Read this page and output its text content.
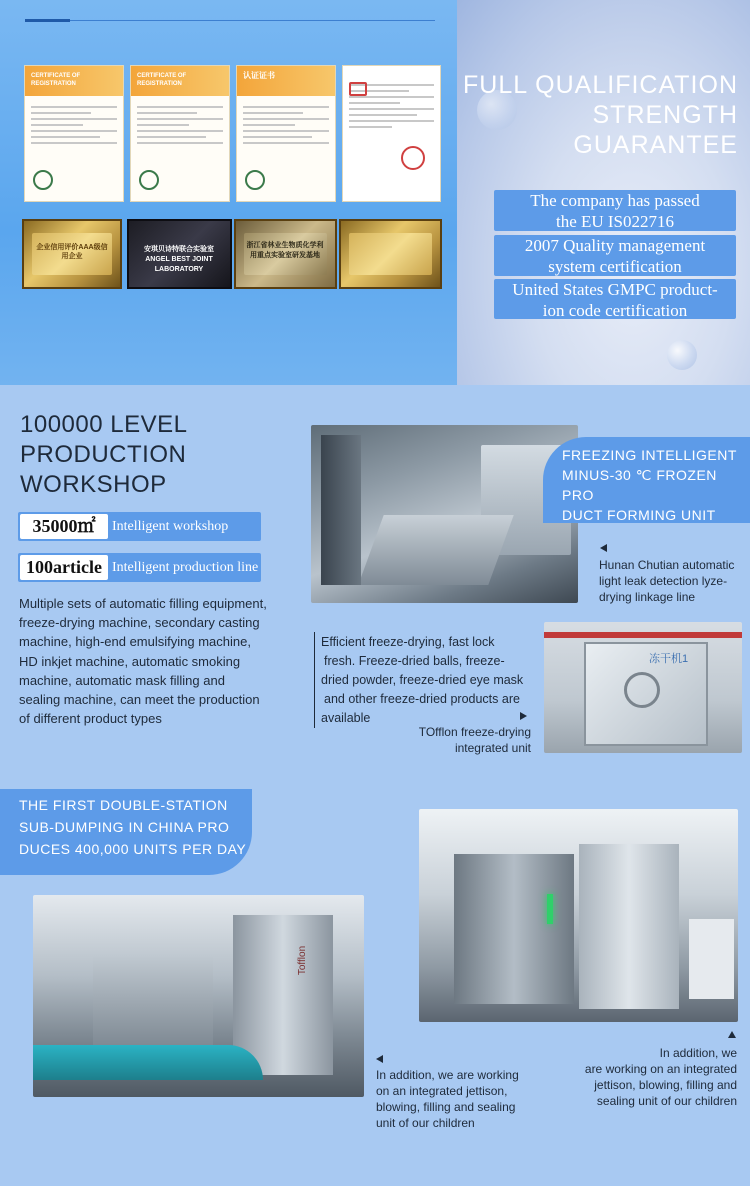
FULL QUALIFICATION
STRENGTH GUARANTEE
The company has passed
the EU IS022716
2007 Quality management
system certification
United States GMPC product-
ion code certification
CERTIFICATE OF REGISTRATION
CERTIFICATE OF REGISTRATION
认证证书
企业信用评价AAA级信用企业
安琪贝诗特联合实验室 ANGEL BEST JOINT LABORATORY
浙江省林业生物质化学利用重点实验室研发基地
100000 LEVEL
PRODUCTION
WORKSHOP
35000㎡	Intelligent workshop
100article Intelligent production line
Multiple sets of automatic filling equipment, freeze-drying machine, secondary casting machine, high-end emulsifying machine, HD inkjet machine, automatic smoking machine, automatic mask filling and sealing machine, can meet the production of different product types
FREEZING INTELLIGENT
MINUS-30 ℃ FROZEN PRO
DUCT FORMING UNIT
Hunan Chutian automatic
light leak detection lyze-
drying linkage line
Efficient freeze-drying, fast lock
fresh. Freeze-dried balls, freeze-
dried powder, freeze-dried eye mask
and other freeze-dried products are
available
TOfflon freeze-drying
integrated unit
冻干机1
THE FIRST DOUBLE-STATION
SUB-DUMPING IN CHINA PRO
DUCES 400,000 UNITS PER DAY
In addition, we
are working on an integrated
jettison, blowing, filling and
sealing unit of our children
Tofflon
In addition, we are working
on an integrated jettison,
blowing, filling and sealing
unit of our children
